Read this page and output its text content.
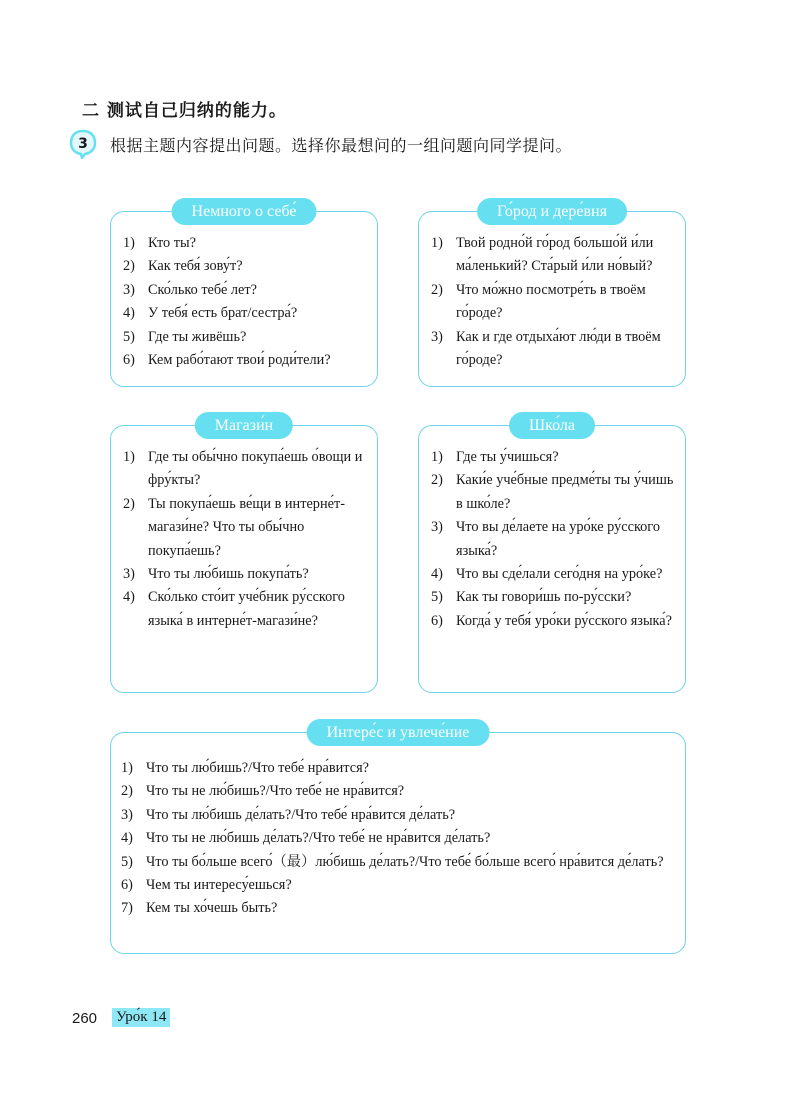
二 测试自己归纳的能力。
3 根据主题内容提出问题。选择你最想问的一组问题向同学提问。
Немного о себе́
1) Кто ты?
2) Как тебя́ зову́т?
3) Ско́лько тебе́ лет?
4) У тебя́ есть брат/сестра́?
5) Где ты живёшь?
6) Кем рабо́тают твои́ роди́тели?
Го́род и дере́вня
1) Твой родно́й го́род большо́й и́ли ма́ленький? Ста́рый и́ли но́вый?
2) Что мо́жно посмотре́ть в твоём го́роде?
3) Как и где отдыха́ют лю́ди в твоём го́роде?
Магази́н
1) Где ты обы́чно покупа́ешь о́вощи и фру́кты?
2) Ты покупа́ешь ве́щи в интерне́т-магази́не? Что ты обы́чно покупа́ешь?
3) Что ты лю́бишь покупа́ть?
4) Ско́лько сто́ит уче́бник ру́сского языка́ в интерне́т-магази́не?
Шко́ла
1) Где ты у́чишься?
2) Каки́е уче́бные предме́ты ты у́чишь в шко́ле?
3) Что вы де́лаете на уро́ке ру́сского языка́?
4) Что вы сде́лали сего́дня на уро́ке?
5) Как ты говори́шь по-ру́сски?
6) Когда́ у тебя́ уро́ки ру́сского языка́?
Интере́с и увлече́ние
1) Что ты лю́бишь?/Что тебе́ нра́вится?
2) Что ты не лю́бишь?/Что тебе́ не нра́вится?
3) Что ты лю́бишь де́лать?/Что тебе́ нра́вится де́лать?
4) Что ты не лю́бишь де́лать?/Что тебе́ не нра́вится де́лать?
5) Что ты бо́льше всего́（最）лю́бишь де́лать?/Что тебе́ бо́льше всего́ нра́вится де́лать?
6) Чем ты интересу́ешься?
7) Кем ты хо́чешь быть?
260 Уро́к 14
